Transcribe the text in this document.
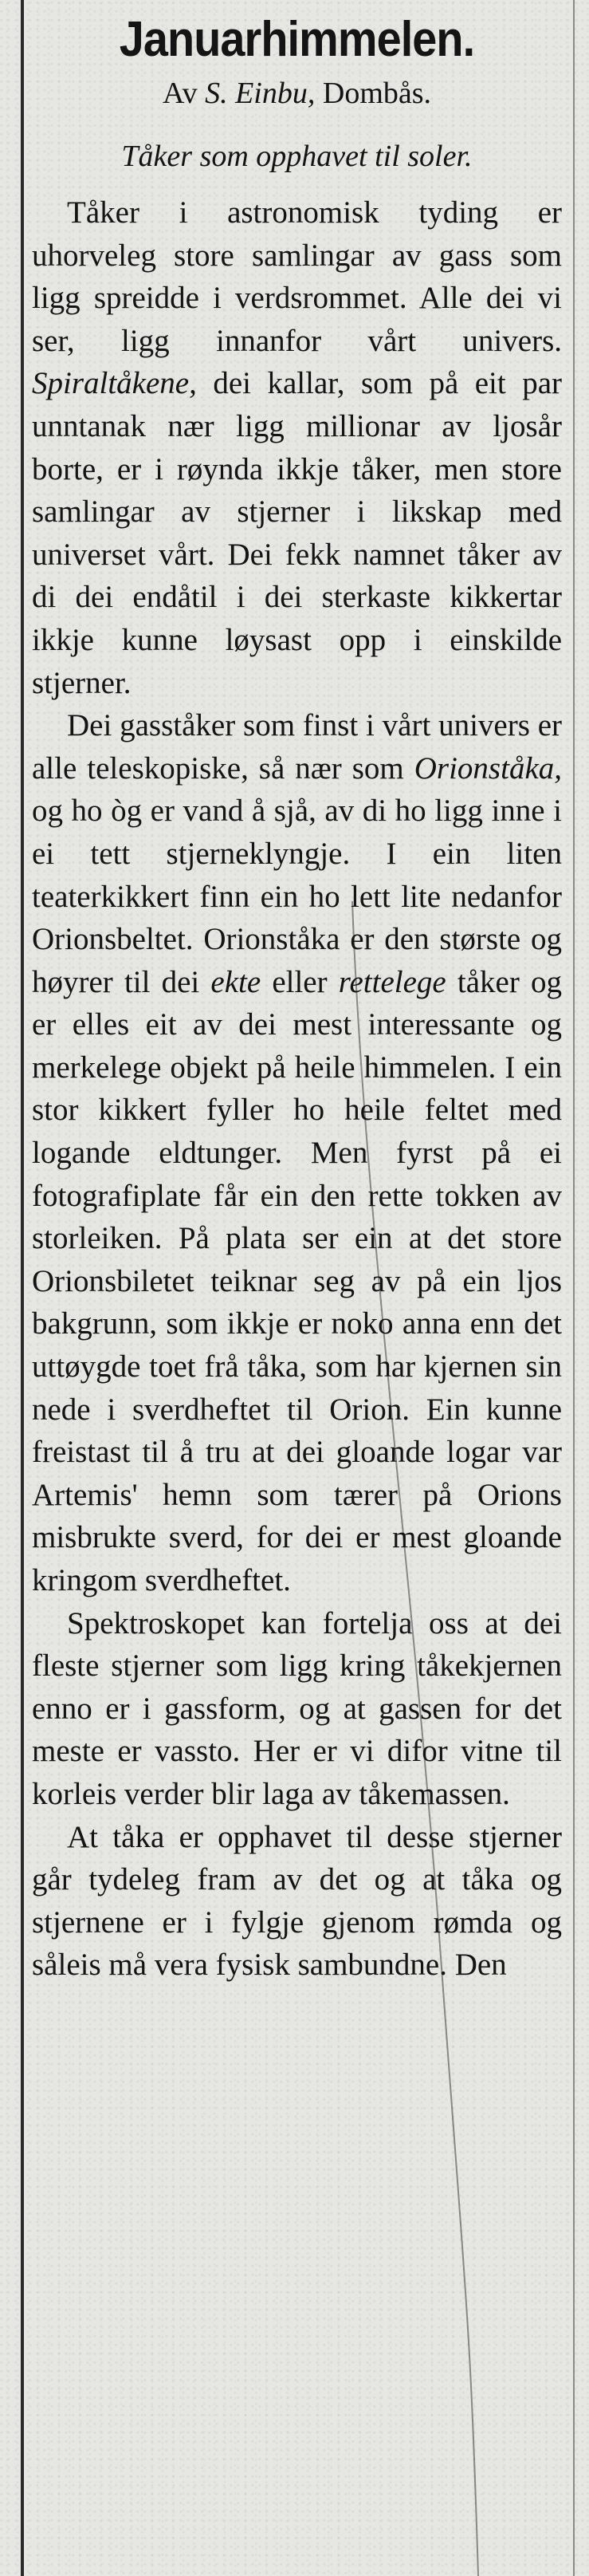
Januarhimmelen.
Av S. Einbu, Dombås.
Tåker som opphavet til soler.

Tåker i astronomisk tyding er uhorveleg store samlingar av gass som ligg spreidde i verdsrommet. Alle dei vi ser, ligg innanfor vårt univers. Spiraltåkene, dei kallar, som på eit par unntanak nær ligg millionar av ljosår borte, er i røynda ikkje tåker, men store samlingar av stjerner i likskap med universet vårt. Dei fekk namnet tåker av di dei endåtil i dei sterkaste kikkertar ikkje kunne løysast opp i einskilde stjerner.

Dei gasståker som finst i vårt univers er alle teleskopiske, så nær som Orionståka, og ho òg er vand å sjå, av di ho ligg inne i ei tett stjerneklyngje. I ein liten teaterkikkert finn ein ho lett lite nedanfor Orionsbeltet. Orionståka er den største og høyrer til dei ekte eller rettelege tåker og er elles eit av dei mest interessante og merkelege objekt på heile himmelen. I ein stor kikkert fyller ho heile feltet med logande eldtunger. Men fyrst på ei fotografiplate får ein den rette tokken av storleiken. På plata ser ein at det store Orionsbiletet teiknar seg av på ein ljos bakgrunn, som ikkje er noko anna enn det uttøygde toet frå tåka, som har kjernen sin nede i sverdheftet til Orion. Ein kunne freistast til å tru at dei gloande logar var Artemis' hemn som tærer på Orions misbrukte sverd, for dei er mest gloande kringom sverdheftet.

Spektroskopet kan fortelja oss at dei fleste stjerner som ligg kring tåkekjernen enno er i gassform, og at gassen for det meste er vassto. Her er vi difor vitne til korleis verder blir laga av tåkemassen.

At tåka er opphavet til desse stjerner går tydeleg fram av det og at tåka og stjernene er i fylgje gjenom rømda og såleis må vera fysisk sambundne. Den
